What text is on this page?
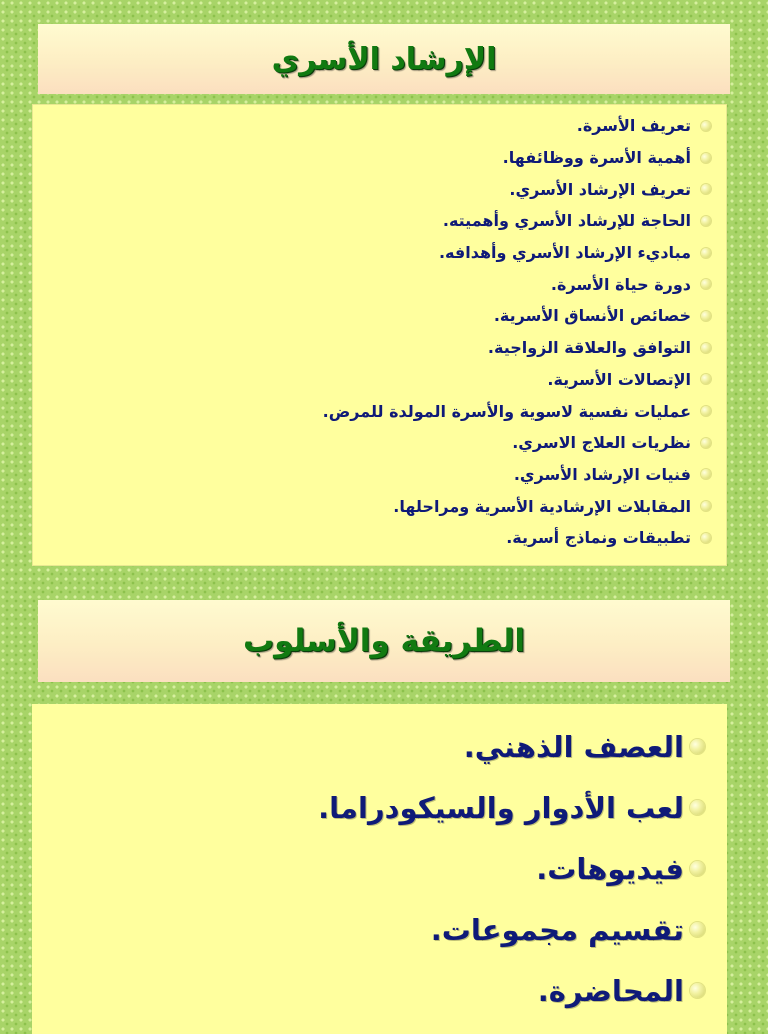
الإرشاد الأسري
تعريف الأسرة.
أهمية الأسرة ووظائفها.
تعريف الإرشاد الأسري.
الحاجة للإرشاد الأسري وأهميته.
مباديء الإرشاد الأسري وأهدافه.
دورة حياة الأسرة.
خصائص الأنساق الأسرية.
التوافق والعلاقة الزواجية.
الإتصالات الأسرية.
عمليات نفسية لاسوية والأسرة المولدة للمرض.
نظريات العلاج الاسري.
فنيات الإرشاد الأسري.
المقابلات الإرشادية الأسرية ومراحلها.
تطبيقات ونماذج أسرية.
الطريقة والأسلوب
العصف الذهني.
لعب الأدوار والسيكودراما.
فيديوهات.
تقسيم مجموعات.
المحاضرة.
